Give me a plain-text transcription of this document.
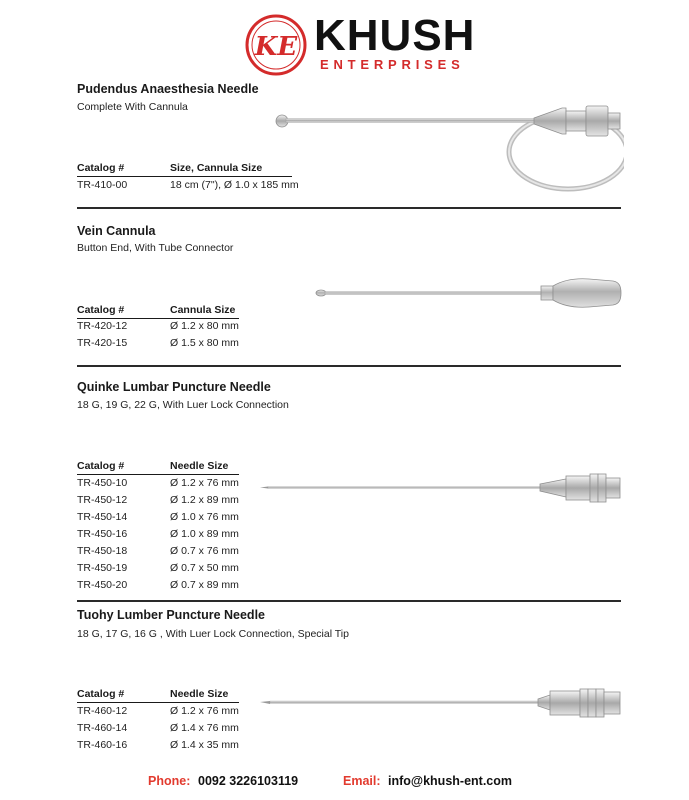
KE KHUSH
ENTERPRISES
Pudendus Anaesthesia Needle
Complete With Cannula
Catalog #	Size, Cannula Size
TR-410-00	18 cm (7"), Ø 1.0 x 185 mm
Vein Cannula
Button End, With Tube Connector
Catalog #	Cannula Size
TR-420-12	Ø 1.2 x 80 mm
TR-420-15	Ø 1.5 x 80 mm
Quinke Lumbar Puncture Needle
18 G, 19 G, 22 G, With Luer Lock Connection
Catalog #	Needle Size
TR-450-10	Ø 1.2 x 76 mm
TR-450-12	Ø 1.2 x 89 mm
TR-450-14	Ø 1.0 x 76 mm
TR-450-16	Ø 1.0 x 89 mm
TR-450-18	Ø 0.7 x 76 mm
TR-450-19	Ø 0.7 x 50 mm
TR-450-20	Ø 0.7 x 89 mm
Tuohy Lumber Puncture Needle
18 G, 17 G, 16 G , With Luer Lock Connection, Special Tip
Catalog #	Needle Size
TR-460-12	Ø 1.2 x 76 mm
TR-460-14	Ø 1.4 x 76 mm
TR-460-16	Ø 1.4 x 35 mm
Phone: 0092 3226103119	Email: info@khush-ent.com
